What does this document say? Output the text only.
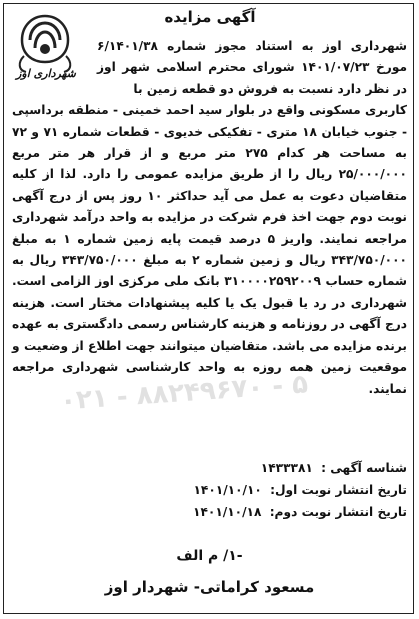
شهرداری اوز
آگهی مزایده
شهرداری اوز به استناد مجوز شماره ۶/۱۴۰۱/۳۸ مورخ ۱۴۰۱/۰۷/۲۳ شورای محترم اسلامی شهر اوز در نظر دارد نسبت به فروش دو قطعه زمین با
کاربری مسکونی واقع در بلوار سید احمد خمینی - منطقه برداسپی - جنوب خیابان ۱۸ متری - تفکیکی خدیوی - قطعات شماره ۷۱ و ۷۲ به مساحت هر کدام ۲۷۵ متر مربع و از قرار هر متر مربع ۲۵/۰۰۰/۰۰۰ ریال را از طریق مزایده عمومی را دارد. لذا از کلیه متقاضیان دعوت به عمل می آید حداکثر ۱۰ روز پس از درج آگهی نوبت دوم جهت اخذ فرم شرکت در مزایده به واحد درآمد شهرداری مراجعه نمایند. واریز ۵ درصد قیمت پایه زمین شماره ۱ به مبلغ ۳۴۳/۷۵۰/۰۰۰ ریال و زمین شماره ۲ به مبلغ ۳۴۳/۷۵۰/۰۰۰ ریال به شماره حساب ۳۱۰۰۰۰۲۵۹۲۰۰۹ بانک ملی مرکزی اوز الزامی است. شهرداری در رد یا قبول یک یا کلیه پیشنهادات مختار است. هزینه درج آگهی در روزنامه و هزینه کارشناس رسمی دادگستری به عهده برنده مزایده می باشد. متقاضیان میتوانند جهت اطلاع از وضعیت و موقعیت زمین همه روزه به واحد کارشناسی شهرداری مراجعه نمایند.
۰۲۱ - ۸۸۲۴۹۶۷۰ - ۵
شناسه آگهی : ۱۴۳۳۳۸۱
تاریخ انتشار نوبت اول: ۱۴۰۱/۱۰/۱۰
تاریخ انتشار نوبت دوم: ۱۴۰۱/۱۰/۱۸
-۱/ م الف
مسعود کراماتی- شهردار اوز
